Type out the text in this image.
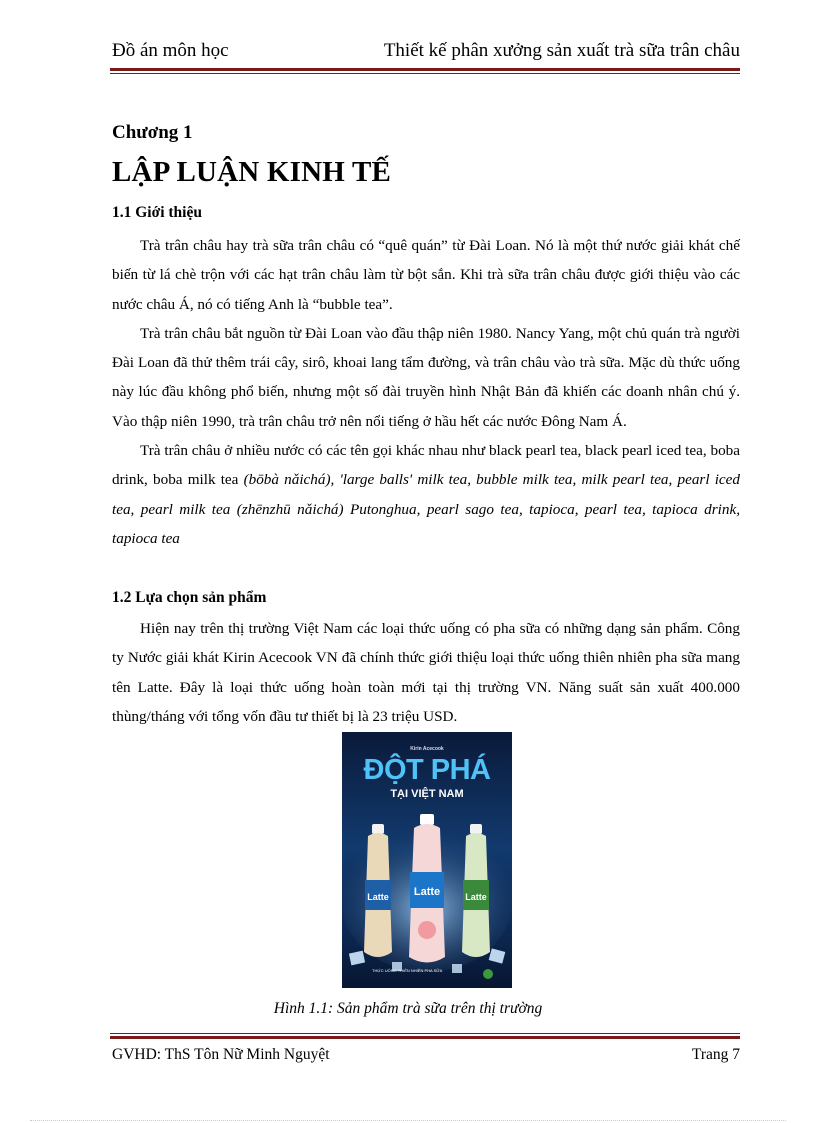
Đồ án môn học	Thiết kế phân xưởng sản xuất trà sữa trân châu
Chương 1
LẬP LUẬN KINH TẾ
1.1 Giới thiệu

Trà trân châu hay trà sữa trân châu có “quê quán” từ Đài Loan. Nó là một thứ nước giải khát chế biến từ lá chè trộn với các hạt trân châu làm từ bột sắn. Khi trà sữa trân châu được giới thiệu vào các nước châu Á, nó có tiếng Anh là “bubble tea”.

Trà trân châu bắt nguồn từ Đài Loan vào đầu thập niên 1980. Nancy Yang, một chủ quán trà người Đài Loan đã thử thêm trái cây, sirô, khoai lang tẩm đường, và trân châu vào trà sữa. Mặc dù thức uống này lúc đầu không phổ biến, nhưng một số đài truyền hình Nhật Bản đã khiến các doanh nhân chú ý. Vào thập niên 1990, trà trân châu trở nên nổi tiếng ở hầu hết các nước Đông Nam Á.

Trà trân châu ở nhiều nước có các tên gọi khác nhau như black pearl tea, black pearl iced tea, boba drink, boba milk tea (bōbà nǎichá), 'large balls' milk tea, bubble milk tea, milk pearl tea, pearl iced tea, pearl milk tea (zhēnzhū nǎichá) Putonghua, pearl sago tea, tapioca, pearl tea, tapioca drink, tapioca tea

1.2 Lựa chọn sản phẩm

Hiện nay trên thị trường Việt Nam các loại thức uống có pha sữa có những dạng sản phẩm. Công ty Nước giải khát Kirin Acecook VN đã chính thức giới thiệu loại thức uống thiên nhiên pha sữa mang tên Latte. Đây là loại thức uống hoàn toàn mới tại thị trường VN. Năng suất sản xuất 400.000 thùng/tháng với tổng vốn đầu tư thiết bị là 23 triệu USD.

Kirin Acecook
ĐỘT PHÁ
TẠI VIỆT NAM
Latte	Latte
Latte
THỨC UỐNG THIÊN NHIÊN PHA SỮA
Hình 1.1: Sản phẩm trà sữa trên thị trường
GVHD: ThS Tôn Nữ Minh Nguyệt	Trang 7
